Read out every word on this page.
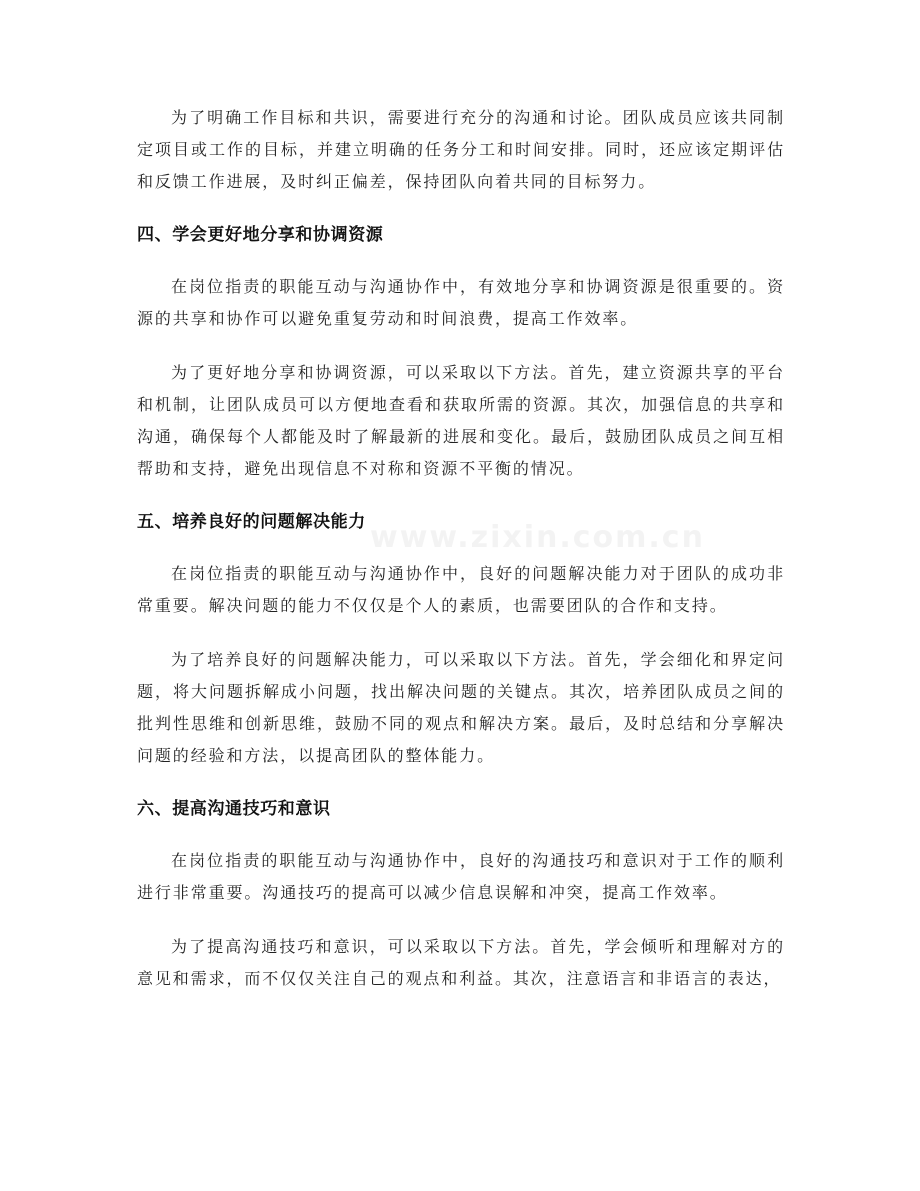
为了明确工作目标和共识，需要进行充分的沟通和讨论。团队成员应该共同制定项目或工作的目标，并建立明确的任务分工和时间安排。同时，还应该定期评估和反馈工作进展，及时纠正偏差，保持团队向着共同的目标努力。

四、学会更好地分享和协调资源

在岗位指责的职能互动与沟通协作中，有效地分享和协调资源是很重要的。资源的共享和协作可以避免重复劳动和时间浪费，提高工作效率。

为了更好地分享和协调资源，可以采取以下方法。首先，建立资源共享的平台和机制，让团队成员可以方便地查看和获取所需的资源。其次，加强信息的共享和沟通，确保每个人都能及时了解最新的进展和变化。最后，鼓励团队成员之间互相帮助和支持，避免出现信息不对称和资源不平衡的情况。

五、培养良好的问题解决能力

在岗位指责的职能互动与沟通协作中，良好的问题解决能力对于团队的成功非常重要。解决问题的能力不仅仅是个人的素质，也需要团队的合作和支持。

为了培养良好的问题解决能力，可以采取以下方法。首先，学会细化和界定问题，将大问题拆解成小问题，找出解决问题的关键点。其次，培养团队成员之间的批判性思维和创新思维，鼓励不同的观点和解决方案。最后，及时总结和分享解决问题的经验和方法，以提高团队的整体能力。

六、提高沟通技巧和意识

在岗位指责的职能互动与沟通协作中，良好的沟通技巧和意识对于工作的顺利进行非常重要。沟通技巧的提高可以减少信息误解和冲突，提高工作效率。

为了提高沟通技巧和意识，可以采取以下方法。首先，学会倾听和理解对方的意见和需求，而不仅仅关注自己的观点和利益。其次，注意语言和非语言的表达，

www.zixin.com.cn
